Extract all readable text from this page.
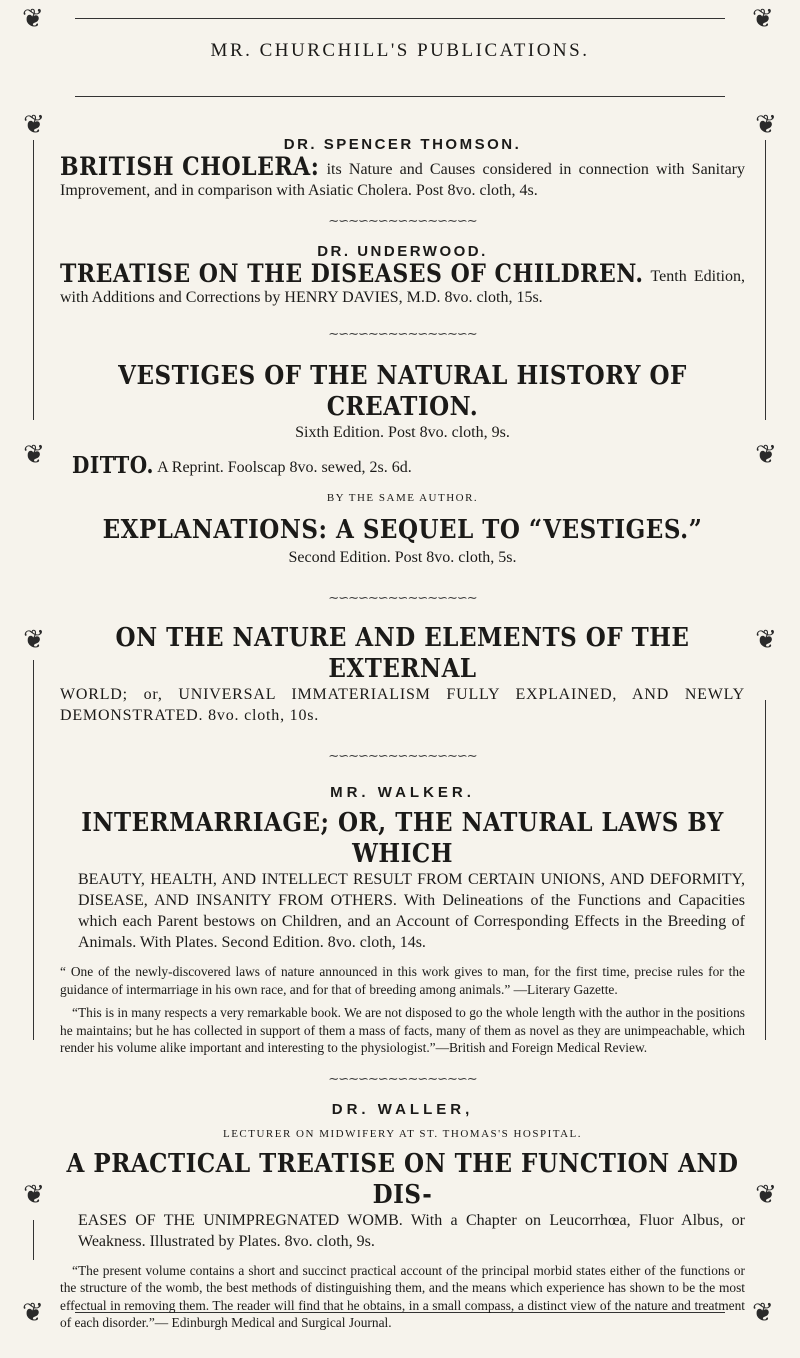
❦	❦
❦	❦
❦	❦
❦	❦
❦	❦
❦	❦
MR. CHURCHILL'S PUBLICATIONS.

DR. SPENCER THOMSON.

BRITISH CHOLERA: its Nature and Causes considered in connection with Sanitary Improvement, and in comparison with Asiatic Cholera. Post 8vo. cloth, 4s.

∼∽∼∽∼∽∼∽∼∽∼∽∼∽∼

DR. UNDERWOOD.

TREATISE ON THE DISEASES OF CHILDREN. Tenth Edition, with Additions and Corrections by HENRY DAVIES, M.D. 8vo. cloth, 15s.

∼∽∼∽∼∽∼∽∼∽∼∽∼∽∼

VESTIGES OF THE NATURAL HISTORY OF CREATION.

Sixth Edition. Post 8vo. cloth, 9s.

DITTO. A Reprint. Foolscap 8vo. sewed, 2s. 6d.

BY THE SAME AUTHOR.

EXPLANATIONS: A SEQUEL TO “VESTIGES.”

Second Edition. Post 8vo. cloth, 5s.

∼∽∼∽∼∽∼∽∼∽∼∽∼∽∼

ON THE NATURE AND ELEMENTS OF THE EXTERNAL

WORLD; or, UNIVERSAL IMMATERIALISM FULLY EXPLAINED, AND NEWLY DEMONSTRATED. 8vo. cloth, 10s.

∼∽∼∽∼∽∼∽∼∽∼∽∼∽∼

MR. WALKER.

INTERMARRIAGE; OR, THE NATURAL LAWS BY WHICH

BEAUTY, HEALTH, AND INTELLECT RESULT FROM CERTAIN UNIONS, AND DEFORMITY, DISEASE, AND INSANITY FROM OTHERS. With Delineations of the Functions and Capacities which each Parent bestows on Children, and an Account of Corresponding Effects in the Breeding of Animals. With Plates. Second Edition. 8vo. cloth, 14s.

“ One of the newly-discovered laws of nature announced in this work gives to man, for the first time, precise rules for the guidance of intermarriage in his own race, and for that of breeding among animals.” —Literary Gazette.

“This is in many respects a very remarkable book. We are not disposed to go the whole length with the author in the positions he maintains; but he has collected in support of them a mass of facts, many of them as novel as they are unimpeachable, which render his volume alike important and interesting to the physiologist.”—British and Foreign Medical Review.

∼∽∼∽∼∽∼∽∼∽∼∽∼∽∼

DR. WALLER,

LECTURER ON MIDWIFERY AT ST. THOMAS'S HOSPITAL.

A PRACTICAL TREATISE ON THE FUNCTION AND DIS-

EASES OF THE UNIMPREGNATED WOMB. With a Chapter on Leucorrhœa, Fluor Albus, or Weakness. Illustrated by Plates. 8vo. cloth, 9s.

“The present volume contains a short and succinct practical account of the principal morbid states either of the functions or the structure of the womb, the best methods of distinguishing them, and the means which experience has shown to be the most effectual in removing them. The reader will find that he obtains, in a small compass, a distinct view of the nature and treatment of each disorder.”— Edinburgh Medical and Surgical Journal.
